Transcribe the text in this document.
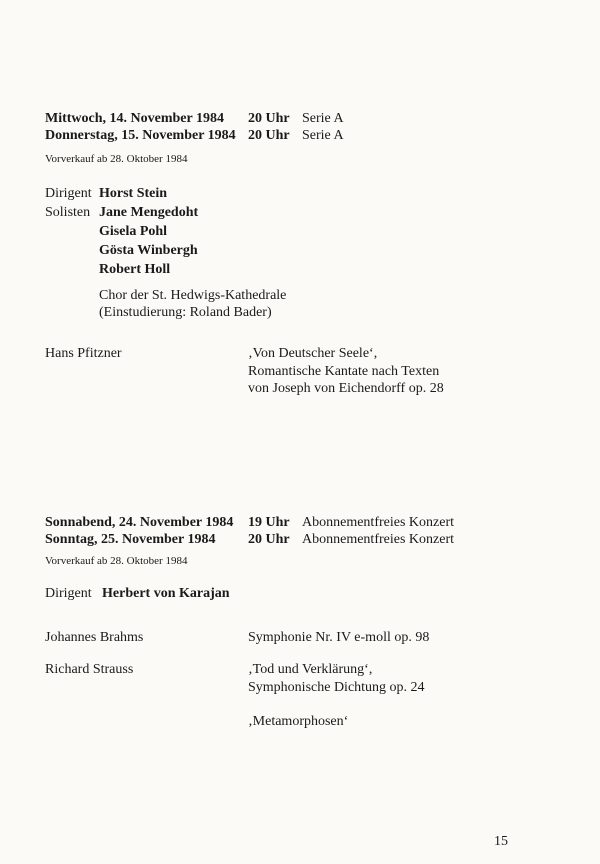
Mittwoch, 14. November 1984 20 Uhr Serie A
Donnerstag, 15. November 1984 20 Uhr Serie A
Vorverkauf ab 28. Oktober 1984
Dirigent Horst Stein
Solisten Jane Mengedoht
Gisela Pohl
Gösta Winbergh
Robert Holl
Chor der St. Hedwigs-Kathedrale
(Einstudierung: Roland Bader)
Hans Pfitzner	‚Von Deutscher Seele‘,
Romantische Kantate nach Texten
von Joseph von Eichendorff op. 28
Sonnabend, 24. November 1984 19 Uhr Abonnementfreies Konzert
Sonntag, 25. November 1984 20 Uhr Abonnementfreies Konzert
Vorverkauf ab 28. Oktober 1984
Dirigent Herbert von Karajan
Johannes Brahms	Symphonie Nr. IV e-moll op. 98
Richard Strauss	‚Tod und Verklärung‘,
Symphonische Dichtung op. 24
‚Metamorphosen‘
15
